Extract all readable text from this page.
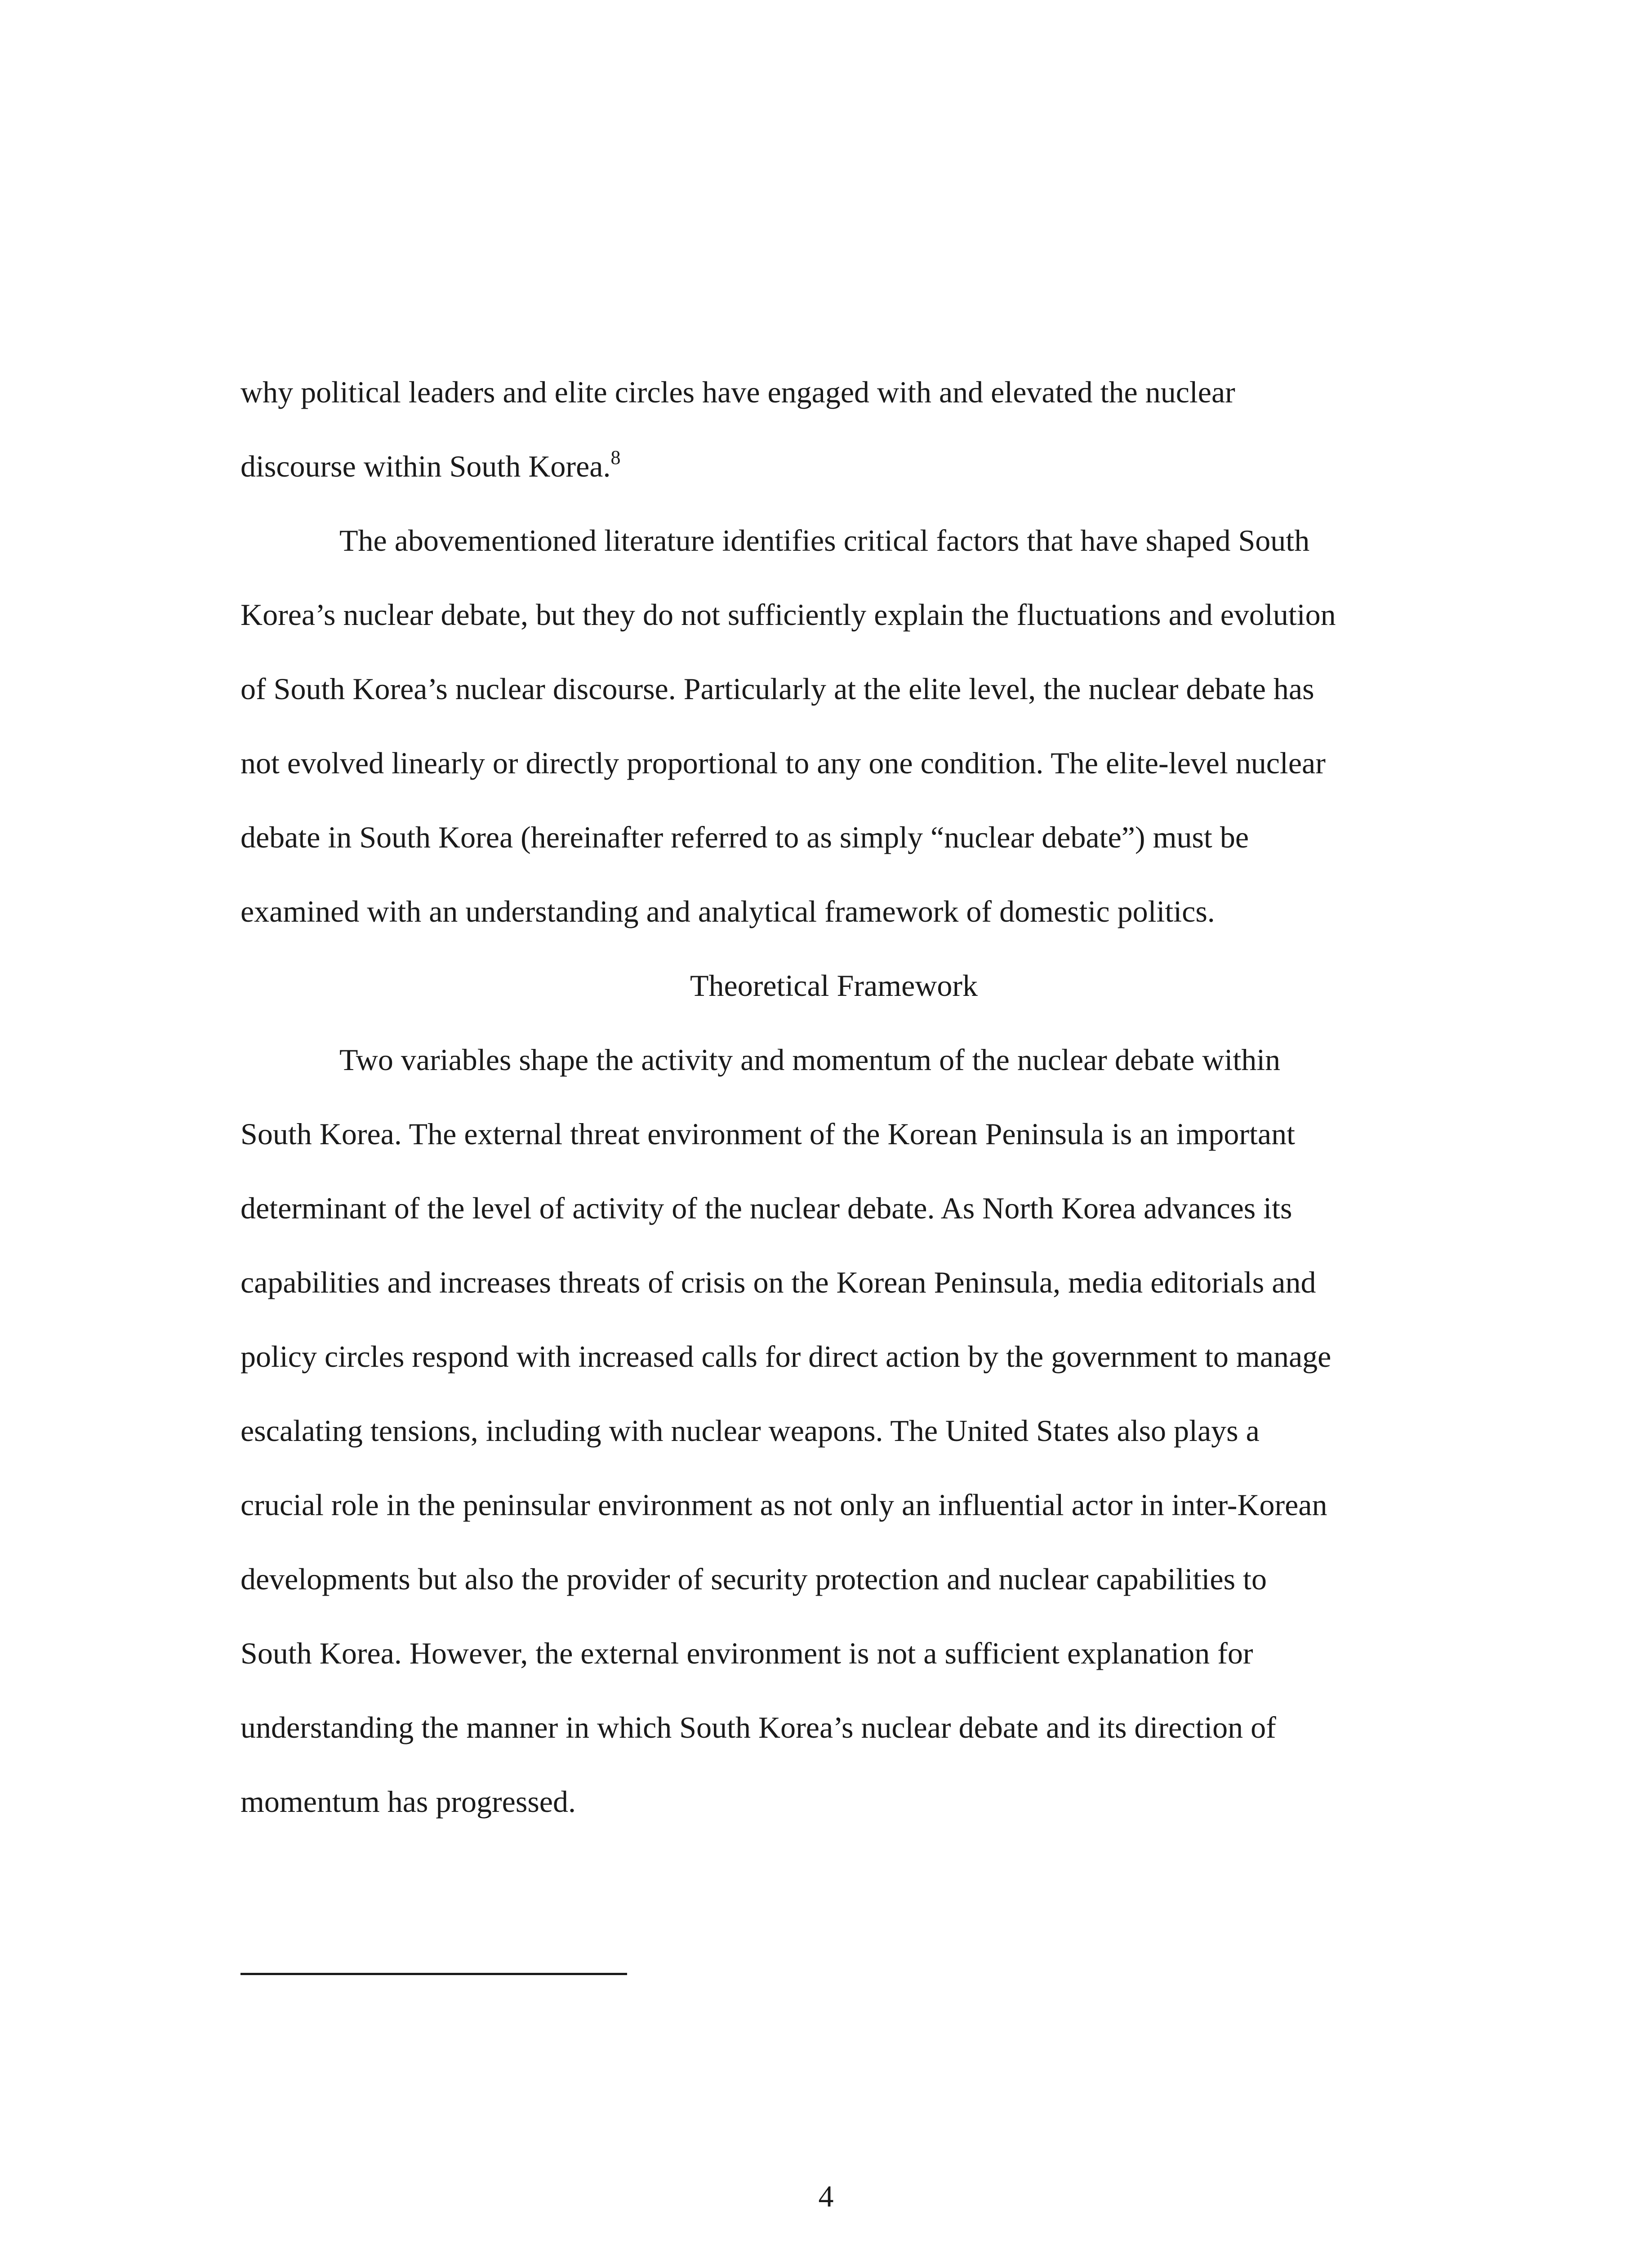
why political leaders and elite circles have engaged with and elevated the nuclear
discourse within South Korea.$^8$
The abovementioned literature identifies critical factors that have shaped South
Korea’s nuclear debate, but they do not sufficiently explain the fluctuations and evolution
of South Korea’s nuclear discourse. Particularly at the elite level, the nuclear debate has
not evolved linearly or directly proportional to any one condition. The elite-level nuclear
debate in South Korea (hereinafter referred to as simply “nuclear debate”) must be
examined with an understanding and analytical framework of domestic politics.
Theoretical Framework
Two variables shape the activity and momentum of the nuclear debate within
South Korea. The external threat environment of the Korean Peninsula is an important
determinant of the level of activity of the nuclear debate. As North Korea advances its
capabilities and increases threats of crisis on the Korean Peninsula, media editorials and
policy circles respond with increased calls for direct action by the government to manage
escalating tensions, including with nuclear weapons. The United States also plays a
crucial role in the peninsular environment as not only an influential actor in inter-Korean
developments but also the provider of security protection and nuclear capabilities to
South Korea. However, the external environment is not a sufficient explanation for
understanding the manner in which South Korea’s nuclear debate and its direction of
momentum has progressed.
4
